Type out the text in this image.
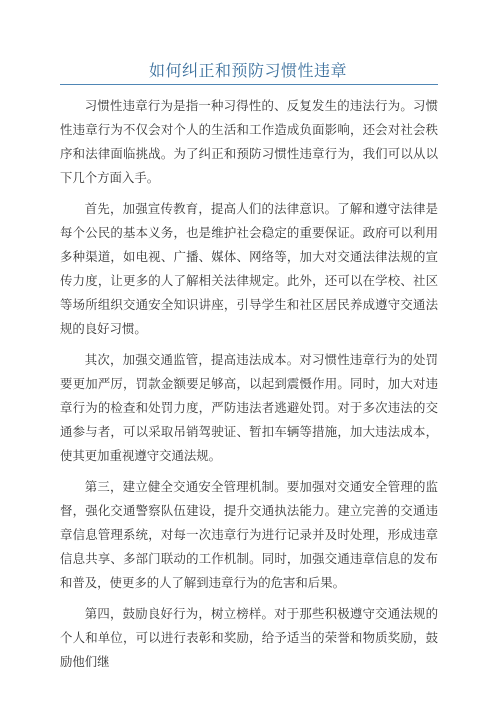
如何纠正和预防习惯性违章

习惯性违章行为是指一种习得性的、反复发生的违法行为。习惯性违章行为不仅会对个人的生活和工作造成负面影响，还会对社会秩序和法律面临挑战。为了纠正和预防习惯性违章行为，我们可以从以下几个方面入手。

首先，加强宣传教育，提高人们的法律意识。了解和遵守法律是每个公民的基本义务，也是维护社会稳定的重要保证。政府可以利用多种渠道，如电视、广播、媒体、网络等，加大对交通法律法规的宣传力度，让更多的人了解相关法律规定。此外，还可以在学校、社区等场所组织交通安全知识讲座，引导学生和社区居民养成遵守交通法规的良好习惯。

其次，加强交通监管，提高违法成本。对习惯性违章行为的处罚要更加严厉，罚款金额要足够高，以起到震慑作用。同时，加大对违章行为的检查和处罚力度，严防违法者逃避处罚。对于多次违法的交通参与者，可以采取吊销驾驶证、暂扣车辆等措施，加大违法成本，使其更加重视遵守交通法规。

第三，建立健全交通安全管理机制。要加强对交通安全管理的监督，强化交通警察队伍建设，提升交通执法能力。建立完善的交通违章信息管理系统，对每一次违章行为进行记录并及时处理，形成违章信息共享、多部门联动的工作机制。同时，加强交通违章信息的发布和普及，使更多的人了解到违章行为的危害和后果。

第四，鼓励良好行为，树立榜样。对于那些积极遵守交通法规的个人和单位，可以进行表彰和奖励，给予适当的荣誉和物质奖励，鼓励他们继
